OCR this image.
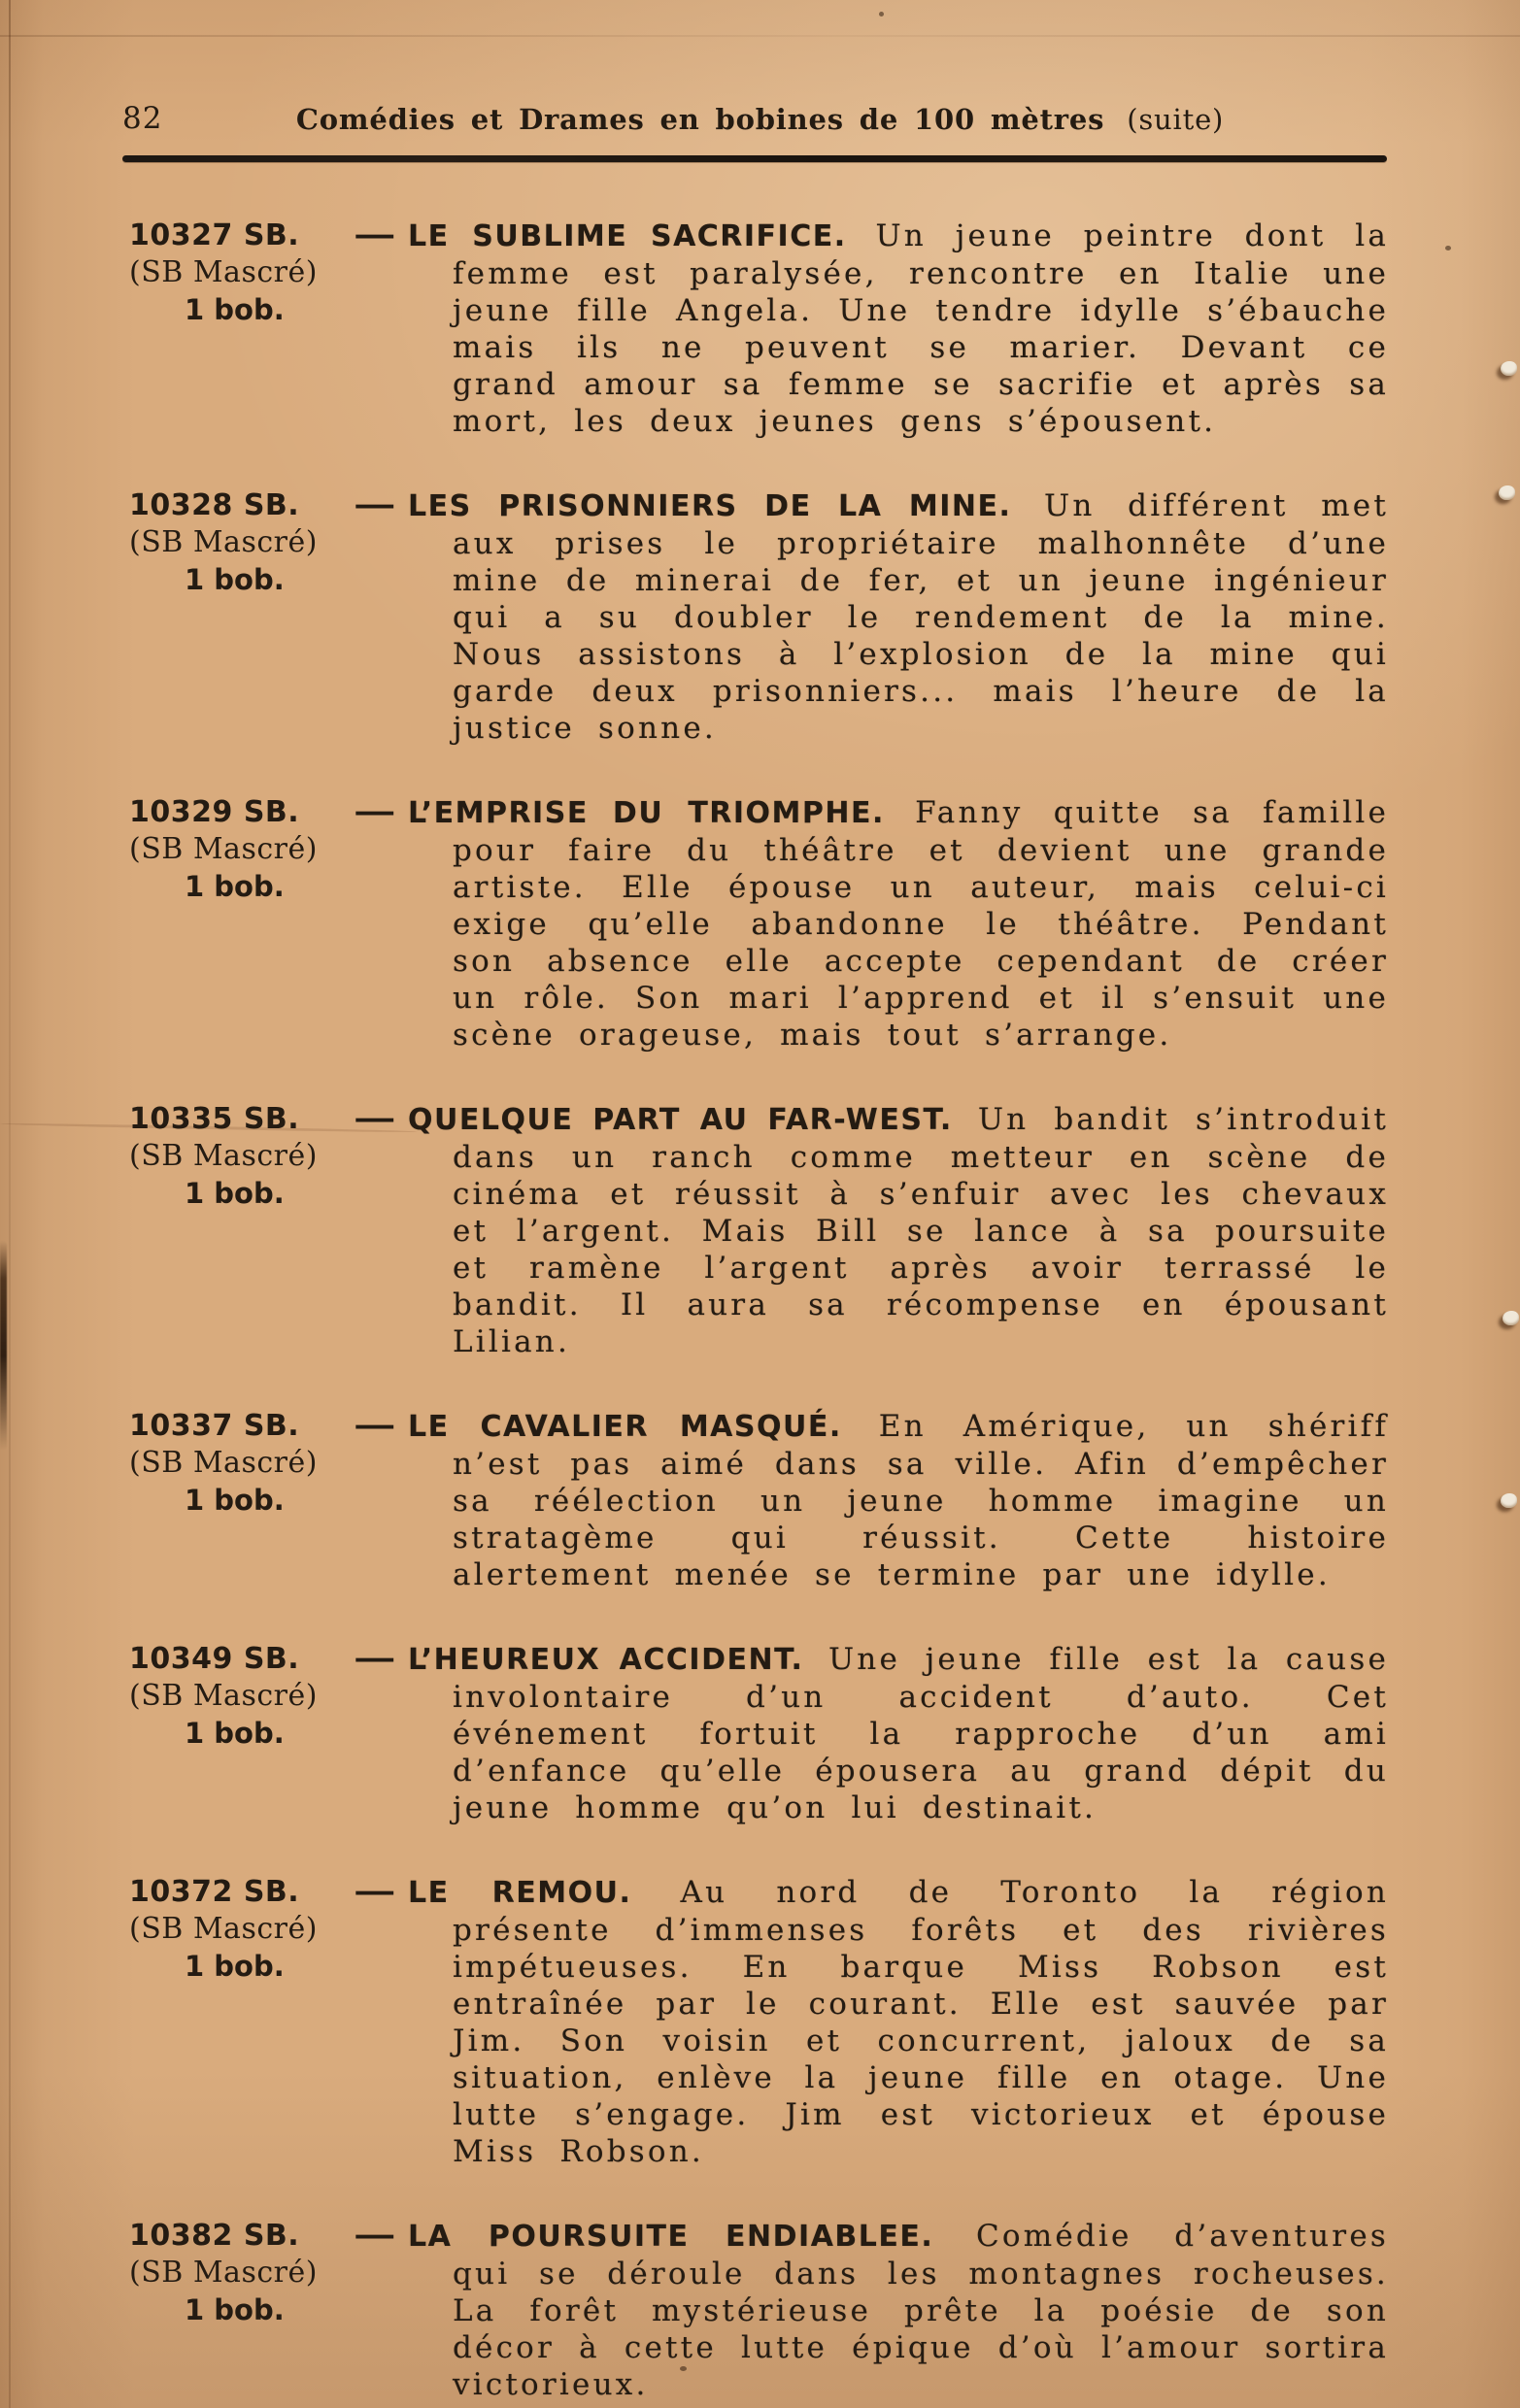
82	Comédies et Drames en bobines de 100 mètres (suite)
10327 SB. —
(SB Mascré)
1 bob.

LE SUBLIME SACRIFICE. Un jeune peintre dont la femme est paralysée, rencontre en Italie une jeune fille Angela. Une tendre idylle s’ébauche mais ils ne peuvent se marier. Devant ce grand amour sa femme se sacrifie et après sa mort, les deux jeunes gens s’épousent.

10328 SB. —
(SB Mascré)
1 bob.

LES PRISONNIERS DE LA MINE. Un différent met aux prises le propriétaire malhonnête d’une mine de minerai de fer, et un jeune ingénieur qui a su doubler le rendement de la mine. Nous assistons à l’explosion de la mine qui garde deux prisonniers... mais l’heure de la justice sonne.

10329 SB. —
(SB Mascré)
1 bob.

L’EMPRISE DU TRIOMPHE. Fanny quitte sa famille pour faire du théâtre et devient une grande artiste. Elle épouse un auteur, mais celui-ci exige qu’elle abandonne le théâtre. Pendant son absence elle accepte cependant de créer un rôle. Son mari l’apprend et il s’ensuit une scène orageuse, mais tout s’arrange.

10335 SB. —
(SB Mascré)
1 bob.

QUELQUE PART AU FAR-WEST. Un bandit s’introduit dans un ranch comme metteur en scène de cinéma et réussit à s’enfuir avec les chevaux et l’argent. Mais Bill se lance à sa poursuite et ramène l’argent après avoir terrassé le bandit. Il aura sa récompense en épousant Lilian.

10337 SB. —
(SB Mascré)
1 bob.

LE CAVALIER MASQUÉ. En Amérique, un shériff n’est pas aimé dans sa ville. Afin d’empêcher sa réélection un jeune homme imagine un stratagème qui réussit. Cette histoire alertement menée se termine par une idylle.

10349 SB. —
(SB Mascré)
1 bob.

L’HEUREUX ACCIDENT. Une jeune fille est la cause involontaire d’un accident d’auto. Cet événement fortuit la rapproche d’un ami d’enfance qu’elle épousera au grand dépit du jeune homme qu’on lui destinait.

10372 SB. —
(SB Mascré)
1 bob.

LE REMOU. Au nord de Toronto la région présente d’immenses forêts et des rivières impétueuses. En barque Miss Robson est entraînée par le courant. Elle est sauvée par Jim. Son voisin et concurrent, jaloux de sa situation, enlève la jeune fille en otage. Une lutte s’engage. Jim est victorieux et épouse Miss Robson.

10382 SB. —
(SB Mascré)
1 bob.

LA POURSUITE ENDIABLEE. Comédie d’aventures qui se déroule dans les montagnes rocheuses. La forêt mystérieuse prête la poésie de son décor à cette lutte épique d’où l’amour sortira victorieux.
